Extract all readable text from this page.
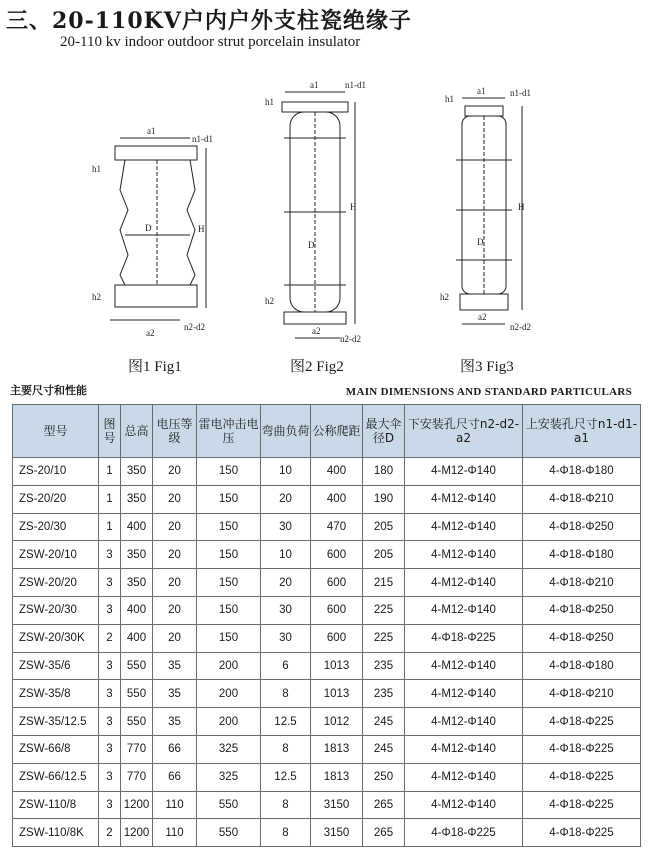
三、20-110KV户内户外支柱瓷绝缘子
20-110 kv indoor outdoor strut porcelain insulator
a1
n1-d1
h1
D
h2
a2
n2-d2
H
a1	n1-d1
h1
D
h2
a2
n2-d2
H
a1	n1-d1
h1
D
h2
a2
n2-d2
H
图1 Fig1	图2 Fig2	图3 Fig3
主要尺寸和性能	MAIN DIMENSIONS AND STANDARD PARTICULARS
型号	图号	总高	电压等级	雷电冲击电压	弯曲负荷	公称爬距	最大伞径D	下安装孔尺寸n2-d2-a2	上安装孔尺寸n1-d1-a1
ZS-20/10	1	350	20	150	10	400	180	4-M12-Φ140	4-Φ18-Φ180
ZS-20/20	1	350	20	150	20	400	190	4-M12-Φ140	4-Φ18-Φ210
ZS-20/30	1	400	20	150	30	470	205	4-M12-Φ140	4-Φ18-Φ250
ZSW-20/10	3	350	20	150	10	600	205	4-M12-Φ140	4-Φ18-Φ180
ZSW-20/20	3	350	20	150	20	600	215	4-M12-Φ140	4-Φ18-Φ210
ZSW-20/30	3	400	20	150	30	600	225	4-M12-Φ140	4-Φ18-Φ250
ZSW-20/30K	2	400	20	150	30	600	225	4-Φ18-Φ225	4-Φ18-Φ250
ZSW-35/6	3	550	35	200	6	1013	235	4-M12-Φ140	4-Φ18-Φ180
ZSW-35/8	3	550	35	200	8	1013	235	4-M12-Φ140	4-Φ18-Φ210
ZSW-35/12.5	3	550	35	200	12.5	1012	245	4-M12-Φ140	4-Φ18-Φ225
ZSW-66/8	3	770	66	325	8	1813	245	4-M12-Φ140	4-Φ18-Φ225
ZSW-66/12.5	3	770	66	325	12.5	1813	250	4-M12-Φ140	4-Φ18-Φ225
ZSW-110/8	3	1200	110	550	8	3150	265	4-M12-Φ140	4-Φ18-Φ225
ZSW-110/8K	2	1200	110	550	8	3150	265	4-Φ18-Φ225	4-Φ18-Φ225
